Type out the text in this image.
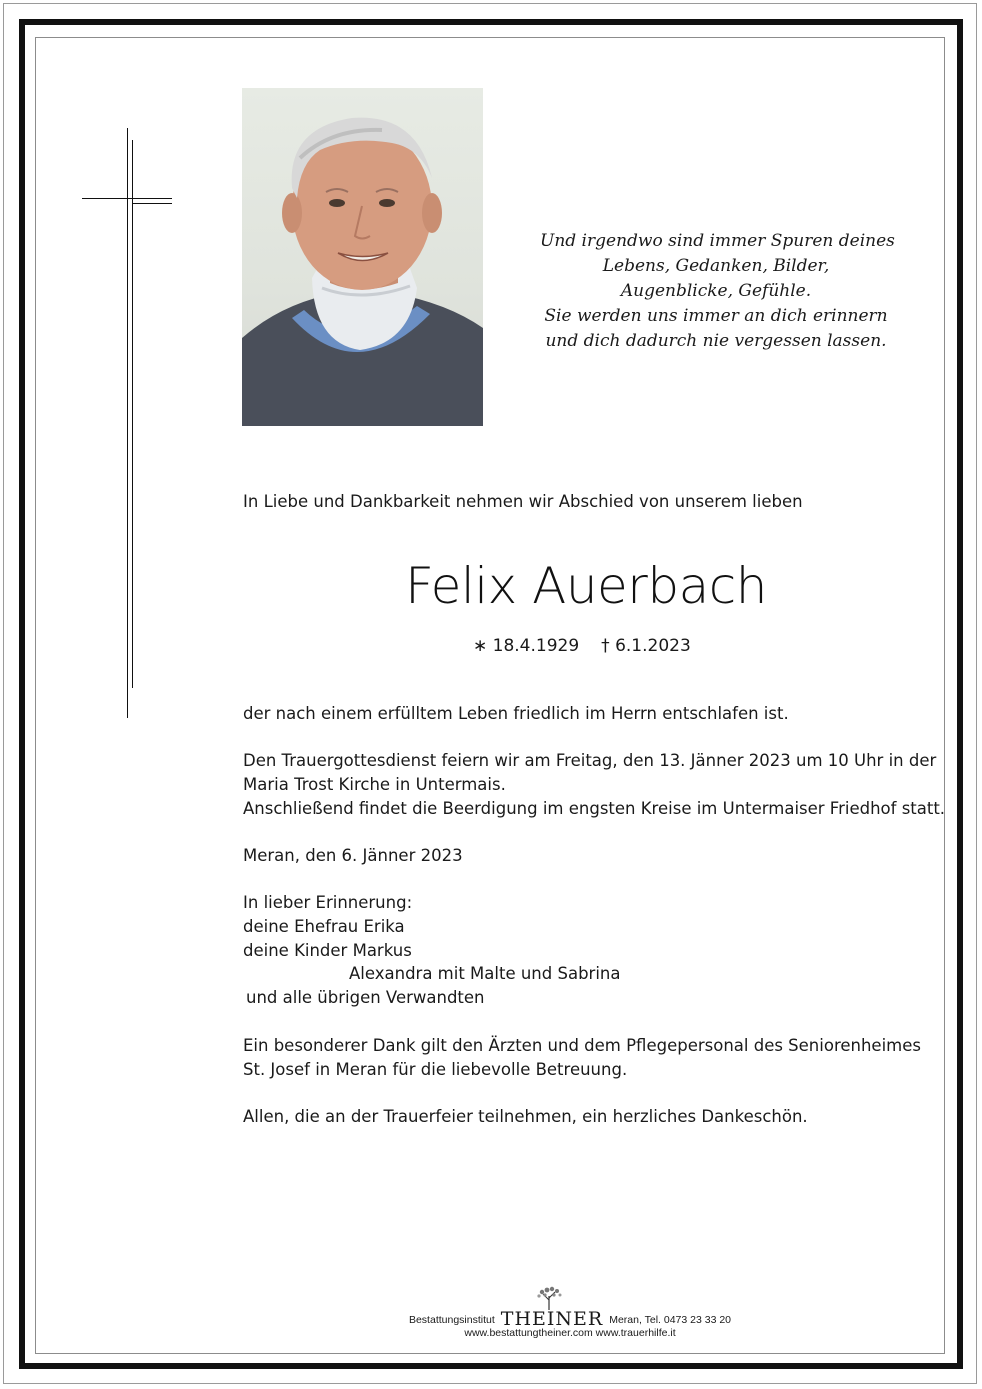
Und irgendwo sind immer Spuren deines
Lebens, Gedanken, Bilder,
Augenblicke, Gefühle.
Sie werden uns immer an dich erinnern
und dich dadurch nie vergessen lassen.
In Liebe und Dankbarkeit nehmen wir Abschied von unserem lieben
Felix Auerbach
∗ 18.4.1929 † 6.1.2023
der nach einem erfülltem Leben friedlich im Herrn entschlafen ist.
Den Trauergottesdienst feiern wir am Freitag, den 13. Jänner 2023 um 10 Uhr in der
Maria Trost Kirche in Untermais.
Anschließend findet die Beerdigung im engsten Kreise im Untermaiser Friedhof statt.
Meran, den 6. Jänner 2023
In lieber Erinnerung:
deine Ehefrau Erika
deine Kinder Markus
Alexandra mit Malte und Sabrina
und alle übrigen Verwandten
Ein besonderer Dank gilt den Ärzten und dem Pflegepersonal des Seniorenheimes
St. Josef in Meran für die liebevolle Betreuung.
Allen, die an der Trauerfeier teilnehmen, ein herzliches Dankeschön.
Bestattungsinstitut THEINER Meran, Tel. 0473 23 33 20
www.bestattungtheiner.com www.trauerhilfe.it
